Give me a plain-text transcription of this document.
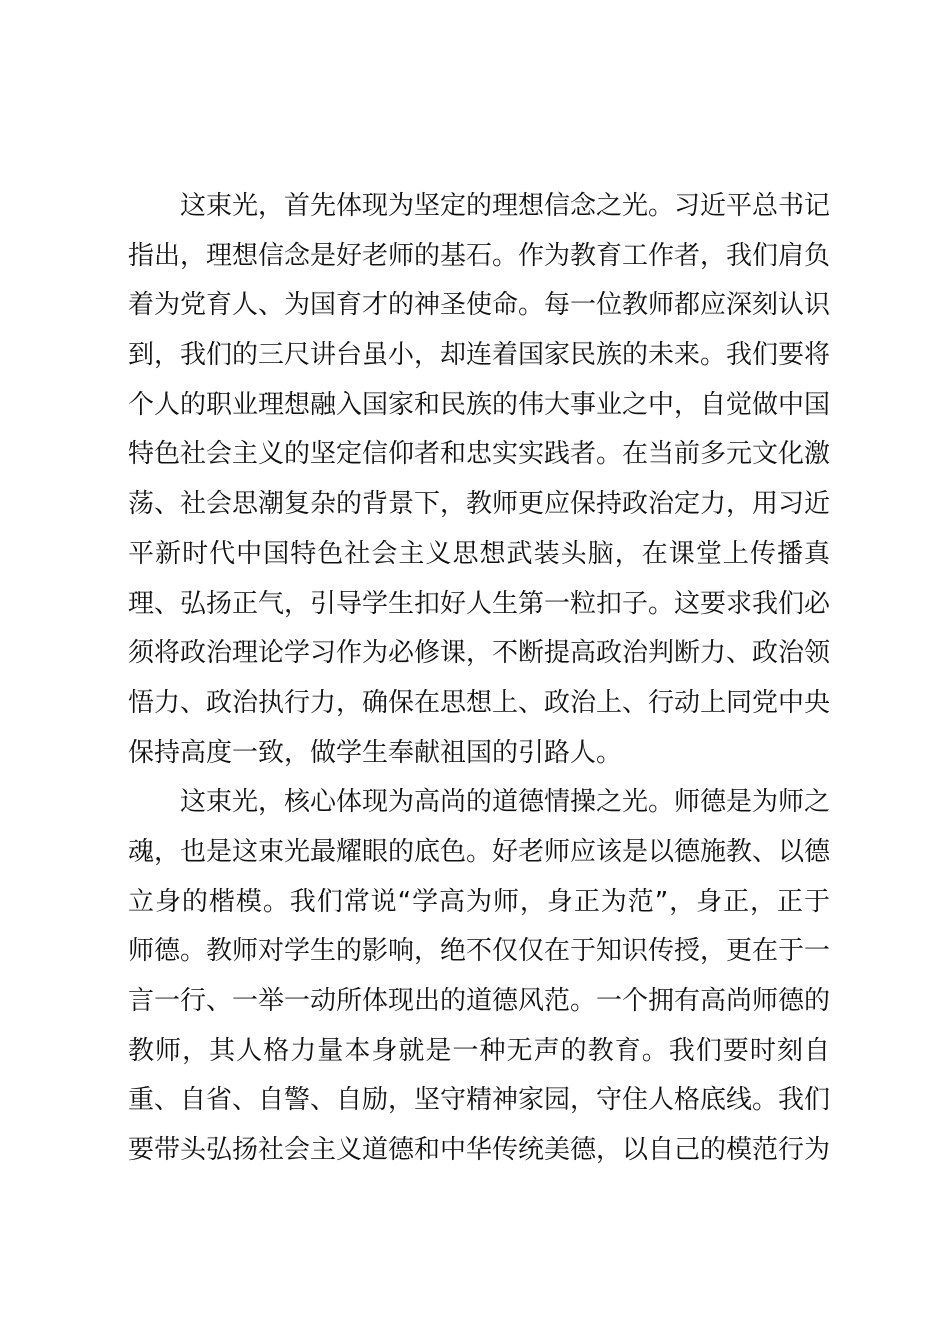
这束光，首先体现为坚定的理想信念之光。习近平总书记
指出，理想信念是好老师的基石。作为教育工作者，我们肩负
着为党育人、为国育才的神圣使命。每一位教师都应深刻认识
到，我们的三尺讲台虽小，却连着国家民族的未来。我们要将
个人的职业理想融入国家和民族的伟大事业之中，自觉做中国
特色社会主义的坚定信仰者和忠实实践者。在当前多元文化激
荡、社会思潮复杂的背景下，教师更应保持政治定力，用习近
平新时代中国特色社会主义思想武装头脑，在课堂上传播真
理、弘扬正气，引导学生扣好人生第一粒扣子。这要求我们必
须将政治理论学习作为必修课，不断提高政治判断力、政治领
悟力、政治执行力，确保在思想上、政治上、行动上同党中央
保持高度一致，做学生奉献祖国的引路人。
这束光，核心体现为高尚的道德情操之光。师德是为师之
魂，也是这束光最耀眼的底色。好老师应该是以德施教、以德
立身的楷模。我们常说“学高为师，身正为范”，身正，正于
师德。教师对学生的影响，绝不仅仅在于知识传授，更在于一
言一行、一举一动所体现出的道德风范。一个拥有高尚师德的
教师，其人格力量本身就是一种无声的教育。我们要时刻自
重、自省、自警、自励，坚守精神家园，守住人格底线。我们
要带头弘扬社会主义道德和中华传统美德，以自己的模范行为
